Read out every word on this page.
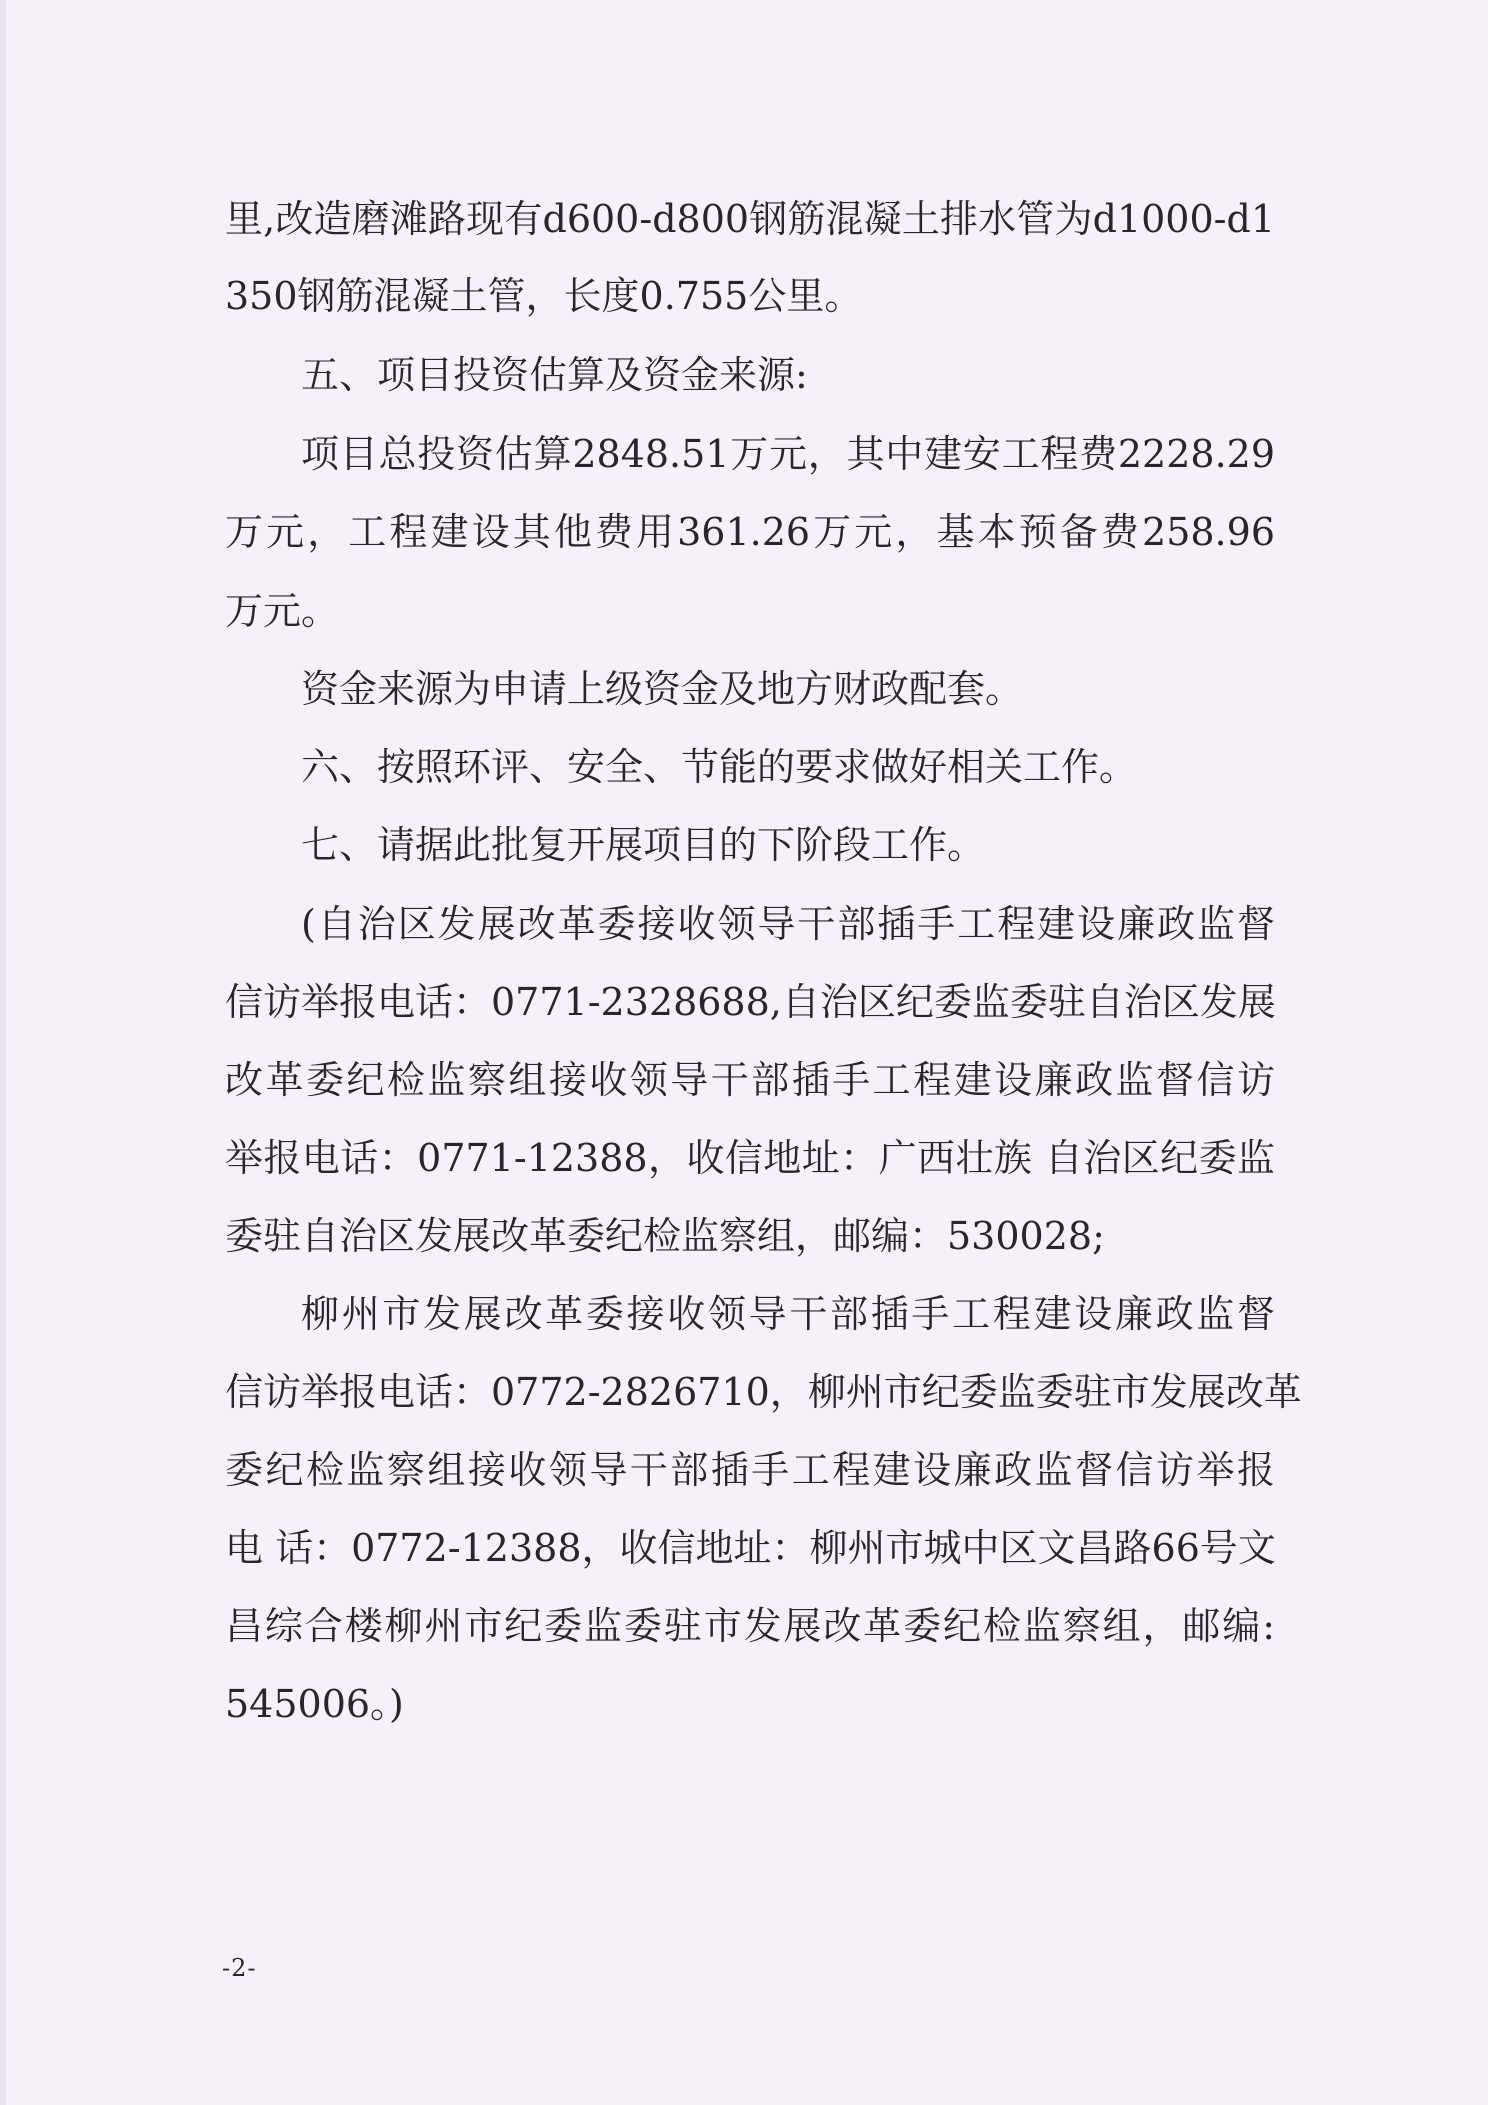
里,改造磨滩路现有d600-d800钢筋混凝土排水管为d1000-d1
350钢筋混凝土管，长度0.755公里。
五、项目投资估算及资金来源:
项目总投资估算2848.51万元，其中建安工程费2228.29
万元，工程建设其他费用361.26万元，基本预备费258.96
万元。
资金来源为申请上级资金及地方财政配套。
六、按照环评、安全、节能的要求做好相关工作。
七、请据此批复开展项目的下阶段工作。
(自治区发展改革委接收领导干部插手工程建设廉政监督
信访举报电话：0771-2328688,自治区纪委监委驻自治区发展
改革委纪检监察组接收领导干部插手工程建设廉政监督信访
举报电话：0771-12388，收信地址：广西壮族 自治区纪委监
委驻自治区发展改革委纪检监察组，邮编：530028;
柳州市发展改革委接收领导干部插手工程建设廉政监督
信访举报电话：0772-2826710，柳州市纪委监委驻市发展改革
委纪检监察组接收领导干部插手工程建设廉政监督信访举报
电 话：0772-12388，收信地址：柳州市城中区文昌路66号文
昌综合楼柳州市纪委监委驻市发展改革委纪检监察组，邮编:
545006。)
-2-
